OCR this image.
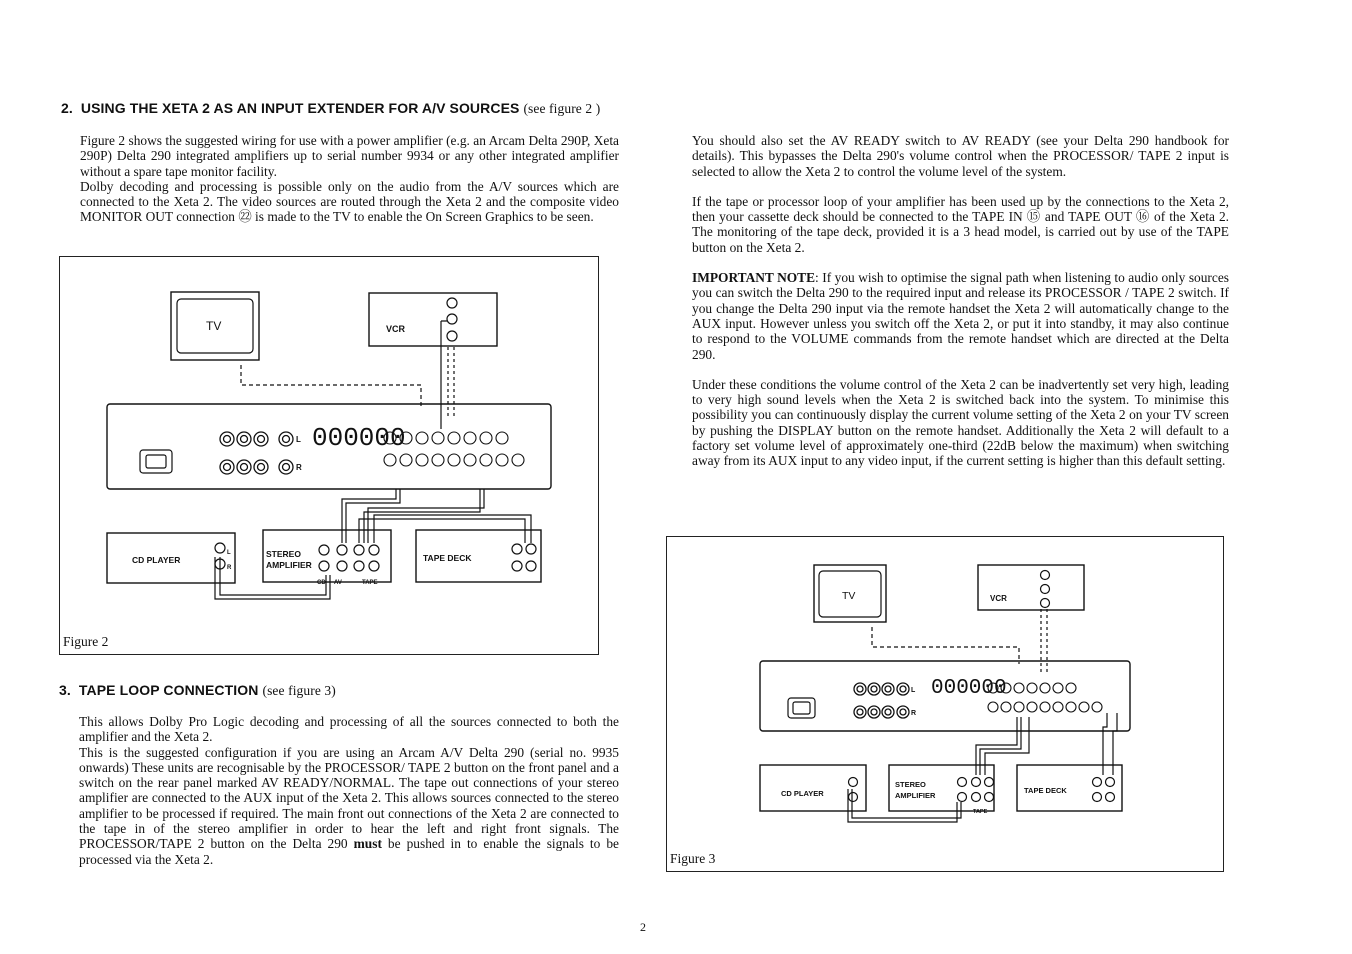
2. USING THE XETA 2 AS AN INPUT EXTENDER FOR A/V SOURCES (see figure 2 )

Figure 2 shows the suggested wiring for use with a power amplifier (e.g. an Arcam Delta 290P, Xeta 290P) Delta 290 integrated amplifiers up to serial number 9934 or any other integrated amplifier without a spare tape monitor facility.

Dolby decoding and processing is possible only on the audio from the A/V sources which are connected to the Xeta 2. The video sources are routed through the Xeta 2 and the composite video MONITOR OUT connection ㉒ is made to the TV to enable the On Screen Graphics to be seen.

TV	VCR
000000
CD PLAYER
STEREO
AMPLIFIER
TAPE DECK
CD AV	TAPE
L
R
L
R
Figure 2
3. TAPE LOOP CONNECTION (see figure 3)

This allows Dolby Pro Logic decoding and processing of all the sources connected to both the amplifier and the Xeta 2.

This is the suggested configuration if you are using an Arcam A/V Delta 290 (serial no. 9935 onwards) These units are recognisable by the PROCESSOR/ TAPE 2 button on the front panel and a switch on the rear panel marked AV READY/NORMAL. The tape out connections of your stereo amplifier are connected to the AUX input of the Xeta 2. This allows sources connected to the stereo amplifier to be processed if required. The main front out connections of the Xeta 2 are connected to the tape in of the stereo amplifier in order to hear the left and right front signals. The PROCESSOR/TAPE 2 button on the Delta 290 must be pushed in to enable the signals to be processed via the Xeta 2.

You should also set the AV READY switch to AV READY (see your Delta 290 handbook for details). This bypasses the Delta 290's volume control when the PROCESSOR/ TAPE 2 input is selected to allow the Xeta 2 to control the volume level of the system.

If the tape or processor loop of your amplifier has been used up by the connections to the Xeta 2, then your cassette deck should be connected to the TAPE IN ⑮ and TAPE OUT ⑯ of the Xeta 2. The monitoring of the tape deck, provided it is a 3 head model, is carried out by use of the TAPE button on the Xeta 2.

IMPORTANT NOTE: If you wish to optimise the signal path when listening to audio only sources you can switch the Delta 290 to the required input and release its PROCESSOR / TAPE 2 switch. If you change the Delta 290 input via the remote handset the Xeta 2 will automatically change to the AUX input. However unless you switch off the Xeta 2, or put it into standby, it may also continue to respond to the VOLUME commands from the remote handset which are directed at the Delta 290.

Under these conditions the volume control of the Xeta 2 can be inadvertently set very high, leading to very high sound levels when the Xeta 2 is switched back into the system. To minimise this possibility you can continuously display the current volume setting of the Xeta 2 on your TV screen by pushing the DISPLAY button on the remote handset. Additionally the Xeta 2 will default to a factory set volume level of approximately one-third (22dB below the maximum) when switching away from its AUX input to any video input, if the current setting is higher than this default setting.

TV	VCR
000000
CD PLAYER
STEREO
AMPLIFIER
TAPE DECK
TAPE
L
R
Figure 3
2
